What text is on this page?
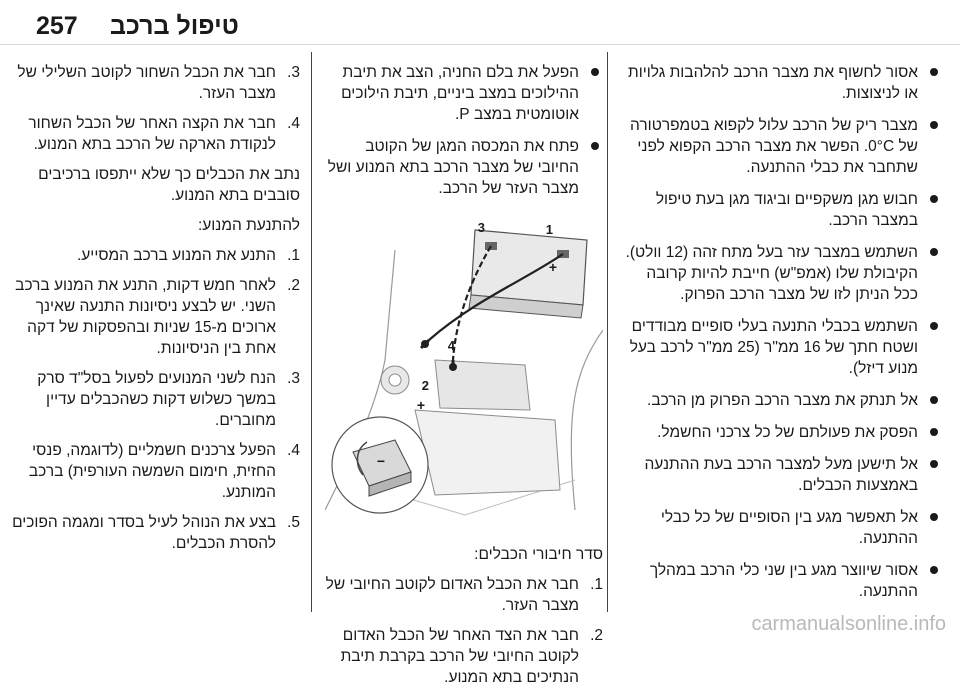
257 טיפול ברכב
אסור לחשוף את מצבר הרכב להלהבות גלויות או לניצוצות.
מצבר ריק של הרכב עלול לקפוא בטמפרטורה של ‎0°C‎. הפשר את מצבר הרכב הקפוא לפני שתחבר את כבלי ההתנעה.
חבוש מגן משקפיים וביגוד מגן בעת טיפול במצבר הרכב.
השתמש במצבר עזר בעל מתח זהה (12 וולט). הקיבולת שלו (אמפ"ש) חייבת להיות קרובה ככל הניתן לזו של מצבר הרכב הפרוק.
השתמש בכבלי התנעה בעלי סופיים מבודדים ושטח חתך של 16 ממ"ר (25 ממ"ר לרכב בעל מנוע דיזל).
אל תנתק את מצבר הרכב הפרוק מן הרכב.
הפסק את פעולתם של כל צרכני החשמל.
אל תישען מעל למצבר הרכב בעת ההתנעה באמצעות הכבלים.
אל תאפשר מגע בין הסופיים של כל כבלי ההתנעה.
אסור שיווצר מגע בין שני כלי הרכב במהלך ההתנעה.
הפעל את בלם החניה, הצב את תיבת ההילוכים במצב ביניים, תיבת הילוכים אוטומטית במצב P.
פתח את המכסה המגן של הקוטב החיובי של מצבר הרכב בתא המנוע ושל מצבר העזר של הרכב.
1
2
3
4
+
+
−

סדר חיבורי הכבלים:

1.
חבר את הכבל האדום לקוטב החיובי של מצבר העזר.
2.
חבר את הצד האחר של הכבל האדום לקוטב החיובי של הרכב בקרבת תיבת הנתיכים בתא המנוע.
3.
חבר את הכבל השחור לקוטב השלילי של מצבר העזר.
4.
חבר את הקצה האחר של הכבל השחור לנקודת הארקה של הרכב בתא המנוע.

נתב את הכבלים כך שלא ייתפסו ברכיבים סובבים בתא המנוע.

להתנעת המנוע:

1.
התנע את המנוע ברכב המסייע.
2.
לאחר חמש דקות, התנע את המנוע ברכב השני. יש לבצע ניסיונות התנעה שאינך ארוכים מ-15 שניות ובהפסקות של דקה אחת בין הניסיונות.
3.
הנח לשני המנועים לפעול בסל"ד סרק במשך כשלוש דקות כשהכבלים עדיין מחוברים.
4.
הפעל צרכנים חשמליים (לדוגמה, פנסי החזית, חימום השמשה העורפית) ברכב המותנע.
5.
בצע את הנוהל לעיל בסדר ומגמה הפוכים להסרת הכבלים.
carmanualsonline.info
